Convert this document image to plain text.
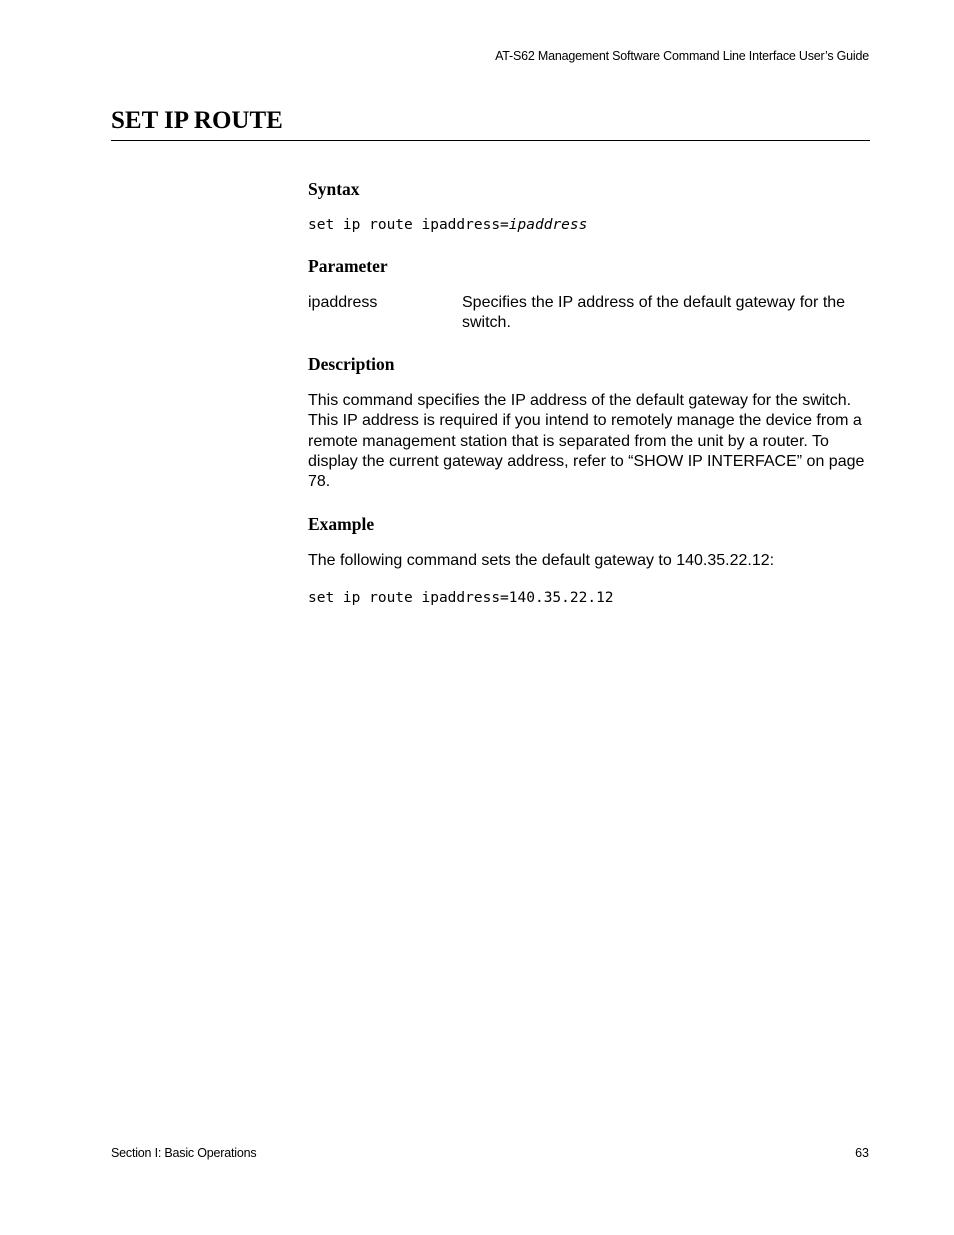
AT-S62 Management Software Command Line Interface User’s Guide
SET IP ROUTE
Syntax

set ip route ipaddress=ipaddress

Parameter
ipaddress	Specifies the IP address of the default gateway for the switch.
Description

This command specifies the IP address of the default gateway for the switch. This IP address is required if you intend to remotely manage the device from a remote management station that is separated from the unit by a router. To display the current gateway address, refer to “SHOW IP INTERFACE” on page 78.

Example

The following command sets the default gateway to 140.35.22.12:

set ip route ipaddress=140.35.22.12

Section I: Basic Operations	63
